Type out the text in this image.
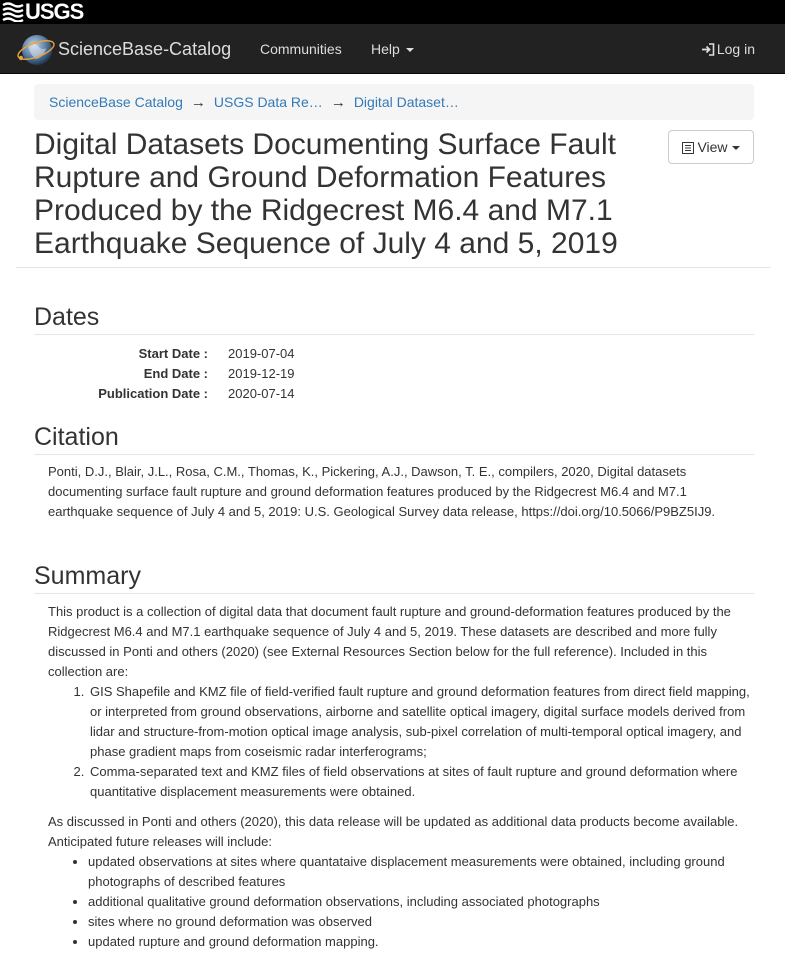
USGS
ScienceBase-Catalog Communities Help	Log in
ScienceBase Catalog → USGS Data Re… → Digital Dataset…
Digital Datasets Documenting Surface Fault Rupture and Ground Deformation Features Produced by the Ridgecrest M6.4 and M7.1 Earthquake Sequence of July 4 and 5, 2019
View
Dates
Start Date : 2019-07-04
End Date : 2019-12-19
Publication Date : 2020-07-14
Citation

Ponti, D.J., Blair, J.L., Rosa, C.M., Thomas, K., Pickering, A.J., Dawson, T. E., compilers, 2020, Digital datasets documenting surface fault rupture and ground deformation features produced by the Ridgecrest M6.4 and M7.1 earthquake sequence of July 4 and 5, 2019: U.S. Geological Survey data release, https://doi.org/10.5066/P9BZ5IJ9.

Summary

This product is a collection of digital data that document fault rupture and ground-deformation features produced by the Ridgecrest M6.4 and M7.1 earthquake sequence of July 4 and 5, 2019. These datasets are described and more fully discussed in Ponti and others (2020) (see External Resources Section below for the full reference). Included in this collection are:

1. GIS Shapefile and KMZ file of field-verified fault rupture and ground deformation features from direct field mapping, or interpreted from ground observations, airborne and satellite optical imagery, digital surface models derived from lidar and structure-from-motion optical image analysis, sub-pixel correlation of multi-temporal optical imagery, and phase gradient maps from coseismic radar interferograms;
2. Comma-separated text and KMZ files of field observations at sites of fault rupture and ground deformation where quantitative displacement measurements were obtained.

As discussed in Ponti and others (2020), this data release will be updated as additional data products become available. Anticipated future releases will include:

• updated observations at sites where quantataive displacement measurements were obtained, including ground photographs of described features
• additional qualitative ground deformation observations, including associated photographs
• sites where no ground deformation was observed
• updated rupture and ground deformation mapping.
